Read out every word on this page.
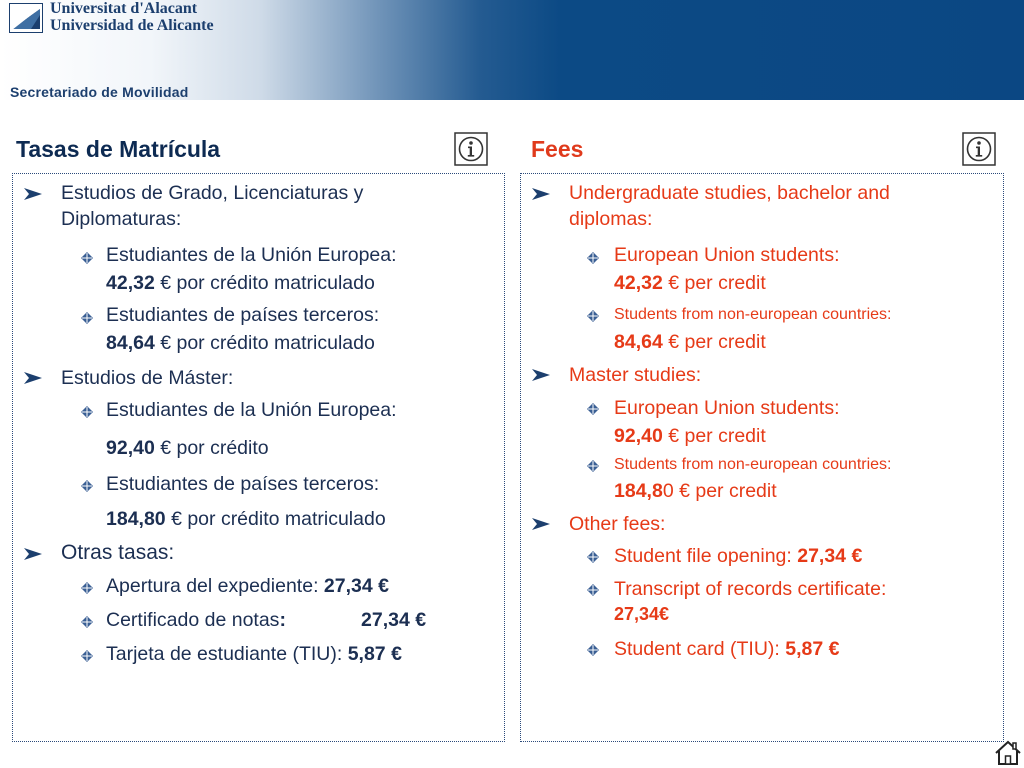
Universitat d'Alacant
Universidad de Alicante
Secretariado de Movilidad
Tasas de Matrícula	Fees
Estudios de Grado, Licenciaturas y
Diplomaturas:
Estudiantes de la Unión Europea:
42,32 € por crédito matriculado
Estudiantes de países terceros:
84,64 € por crédito matriculado
Estudios de Máster:
Estudiantes de la Unión Europea:
92,40 € por crédito
Estudiantes de países terceros:
184,80 € por crédito matriculado
Otras tasas:
Apertura del expediente: 27,34 €
Certificado de notas:	27,34 €
Tarjeta de estudiante (TIU): 5,87 €
Undergraduate studies, bachelor and
diplomas:
European Union students:
42,32 € per credit
Students from non-european countries:
84,64 € per credit
Master studies:
European Union students:
92,40 € per credit
Students from non-european countries:
184,80 € per credit
Other fees:
Student file opening: 27,34 €
Transcript of records certificate:
27,34€
Student card (TIU): 5,87 €
